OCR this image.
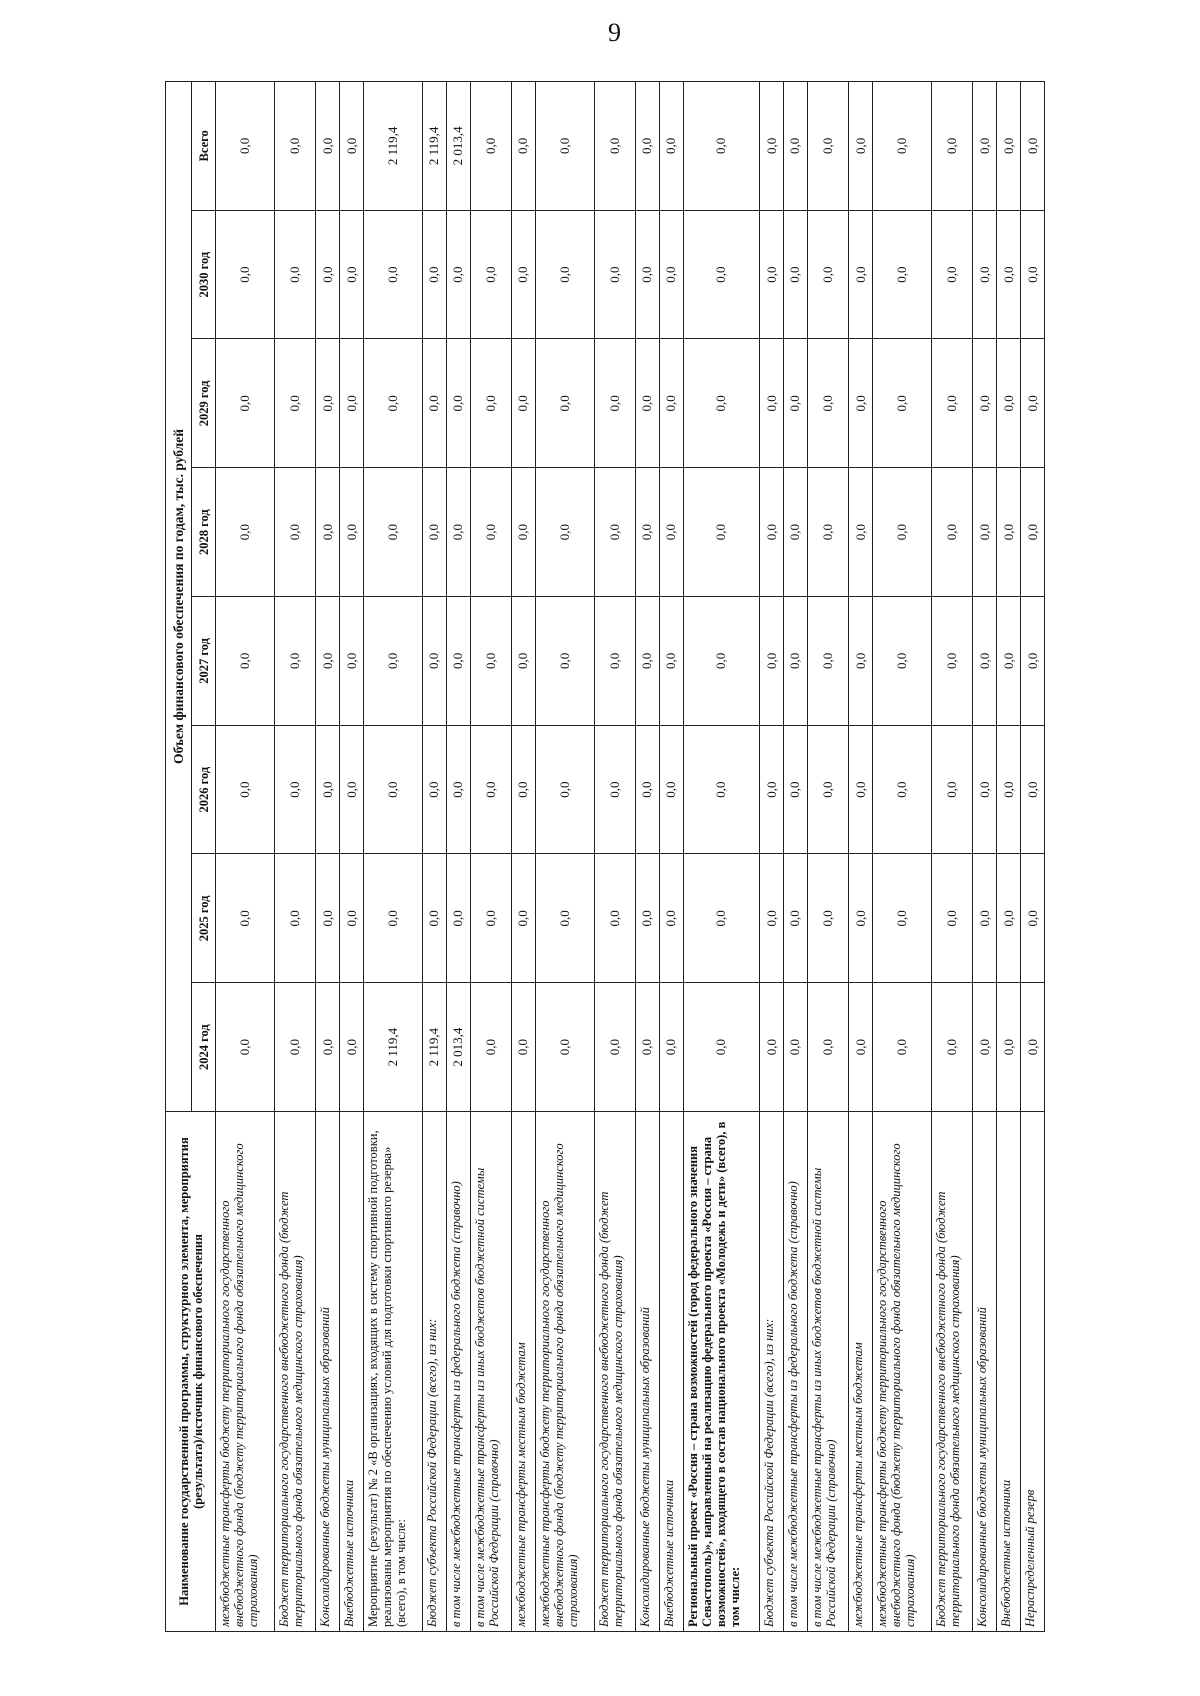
9
Наименование государственной программы, структурного элемента, мероприятия (результата)/источник финансового обеспечения	Объем финансового обеспечения по годам, тыс. рублей							
	2024 год	2025 год	2026 год	2027 год	2028 год	2029 год	2030 год	Всего
межбюджетные трансферты бюджету территориального государственного внебюджетного фонда (бюджету территориального фонда обязательного медицинского страхования)	0,0	0,0	0,0	0,0	0,0	0,0	0,0	0,0
Бюджет территориального государственного внебюджетного фонда (бюджет территориального фонда обязательного медицинского страхования)	0,0	0,0	0,0	0,0	0,0	0,0	0,0	0,0
Консолидированные бюджеты муниципальных образований	0,0	0,0	0,0	0,0	0,0	0,0	0,0	0,0
Внебюджетные источники	0,0	0,0	0,0	0,0	0,0	0,0	0,0	0,0
Мероприятие (результат) № 2 «В организациях, входящих в систему спортивной подготовки, реализованы мероприятия по обеспечению условий для подготовки спортивного резерва» (всего), в том числе:	2 119,4	0,0	0,0	0,0	0,0	0,0	0,0	2 119,4
Бюджет субъекта Российской Федерации (всего), из них:	2 119,4	0,0	0,0	0,0	0,0	0,0	0,0	2 119,4
в том числе межбюджетные трансферты из федерального бюджета (справочно)	2 013,4	0,0	0,0	0,0	0,0	0,0	0,0	2 013,4
в том числе межбюджетные трансферты из иных бюджетов бюджетной системы Российской Федерации (справочно)	0,0	0,0	0,0	0,0	0,0	0,0	0,0	0,0
межбюджетные трансферты местным бюджетам	0,0	0,0	0,0	0,0	0,0	0,0	0,0	0,0
межбюджетные трансферты бюджету территориального государственного внебюджетного фонда (бюджету территориального фонда обязательного медицинского страхования)	0,0	0,0	0,0	0,0	0,0	0,0	0,0	0,0
Бюджет территориального государственного внебюджетного фонда (бюджет территориального фонда обязательного медицинского страхования)	0,0	0,0	0,0	0,0	0,0	0,0	0,0	0,0
Консолидированные бюджеты муниципальных образований	0,0	0,0	0,0	0,0	0,0	0,0	0,0	0,0
Внебюджетные источники	0,0	0,0	0,0	0,0	0,0	0,0	0,0	0,0
Региональный проект «Россия – страна возможностей (город федерального значения Севастополь)», направленный на реализацию федерального проекта «Россия – страна возможностей», входящего в состав национального проекта «Молодежь и дети» (всего), в том числе:	0,0	0,0	0,0	0,0	0,0	0,0	0,0	0,0
Бюджет субъекта Российской Федерации (всего), из них:	0,0	0,0	0,0	0,0	0,0	0,0	0,0	0,0
в том числе межбюджетные трансферты из федерального бюджета (справочно)	0,0	0,0	0,0	0,0	0,0	0,0	0,0	0,0
в том числе межбюджетные трансферты из иных бюджетов бюджетной системы Российской Федерации (справочно)	0,0	0,0	0,0	0,0	0,0	0,0	0,0	0,0
межбюджетные трансферты местным бюджетам	0,0	0,0	0,0	0,0	0,0	0,0	0,0	0,0
межбюджетные трансферты бюджету территориального государственного внебюджетного фонда (бюджету территориального фонда обязательного медицинского страхования)	0,0	0,0	0,0	0,0	0,0	0,0	0,0	0,0
Бюджет территориального государственного внебюджетного фонда (бюджет территориального фонда обязательного медицинского страхования)	0,0	0,0	0,0	0,0	0,0	0,0	0,0	0,0
Консолидированные бюджеты муниципальных образований	0,0	0,0	0,0	0,0	0,0	0,0	0,0	0,0
Внебюджетные источники	0,0	0,0	0,0	0,0	0,0	0,0	0,0	0,0
Нераспределенный резерв	0,0	0,0	0,0	0,0	0,0	0,0	0,0	0,0
